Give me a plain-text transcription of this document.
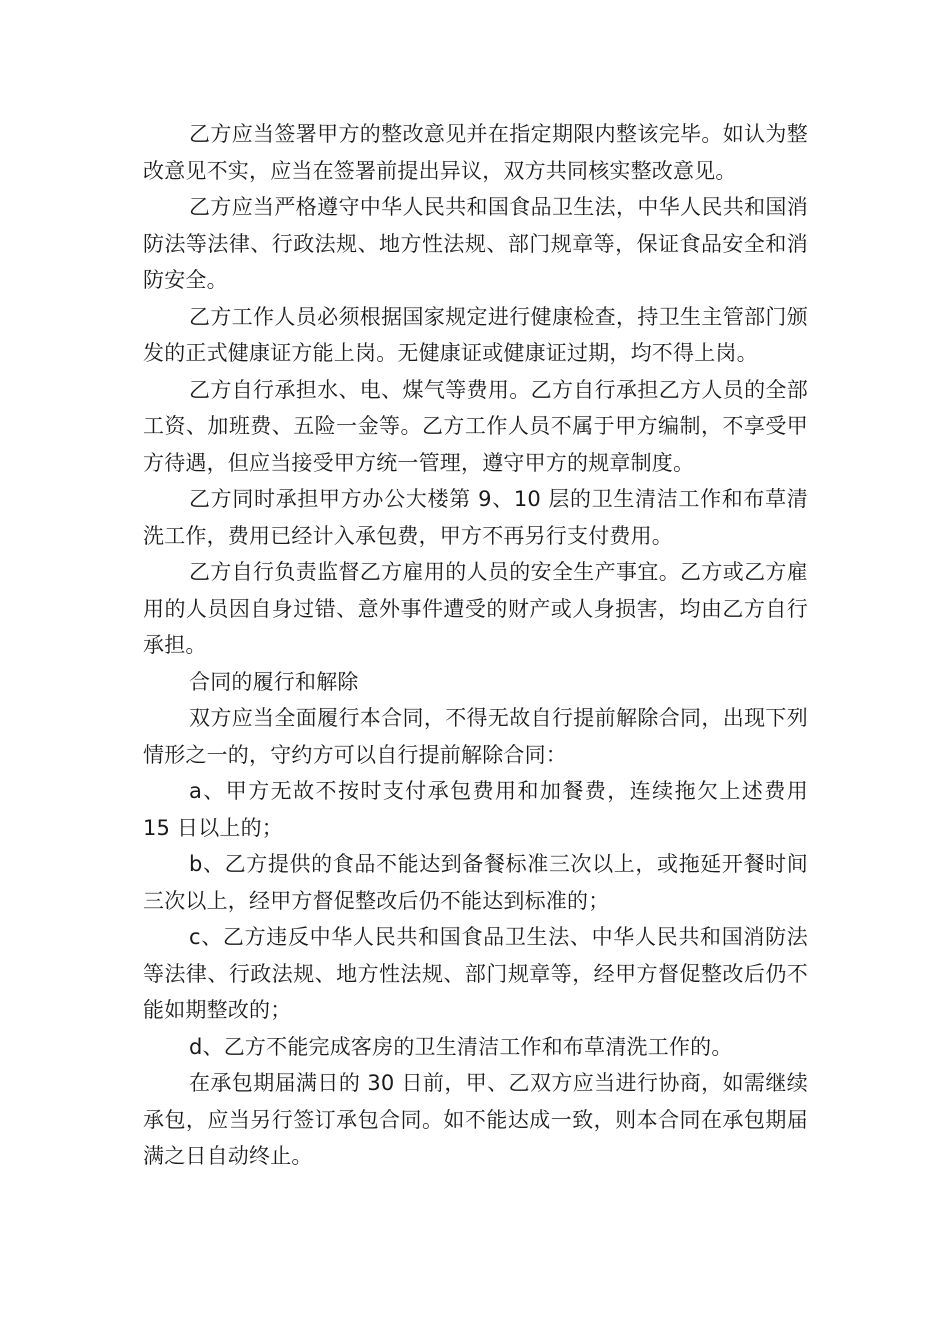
乙方应当签署甲方的整改意见并在指定期限内整该完毕。如认为整改意见不实，应当在签署前提出异议，双方共同核实整改意见。

乙方应当严格遵守中华人民共和国食品卫生法，中华人民共和国消防法等法律、行政法规、地方性法规、部门规章等，保证食品安全和消防安全。

乙方工作人员必须根据国家规定进行健康检查，持卫生主管部门颁发的正式健康证方能上岗。无健康证或健康证过期，均不得上岗。

乙方自行承担水、电、煤气等费用。乙方自行承担乙方人员的全部工资、加班费、五险一金等。乙方工作人员不属于甲方编制，不享受甲方待遇，但应当接受甲方统一管理，遵守甲方的规章制度。

乙方同时承担甲方办公大楼第 9、10 层的卫生清洁工作和布草清洗工作，费用已经计入承包费，甲方不再另行支付费用。

乙方自行负责监督乙方雇用的人员的安全生产事宜。乙方或乙方雇用的人员因自身过错、意外事件遭受的财产或人身损害，均由乙方自行承担。

合同的履行和解除

双方应当全面履行本合同，不得无故自行提前解除合同，出现下列情形之一的，守约方可以自行提前解除合同：

a、甲方无故不按时支付承包费用和加餐费，连续拖欠上述费用 15 日以上的；

b、乙方提供的食品不能达到备餐标准三次以上，或拖延开餐时间三次以上，经甲方督促整改后仍不能达到标准的；

c、乙方违反中华人民共和国食品卫生法、中华人民共和国消防法等法律、行政法规、地方性法规、部门规章等，经甲方督促整改后仍不能如期整改的；

d、乙方不能完成客房的卫生清洁工作和布草清洗工作的。

在承包期届满日的 30 日前，甲、乙双方应当进行协商，如需继续承包，应当另行签订承包合同。如不能达成一致，则本合同在承包期届满之日自动终止。
